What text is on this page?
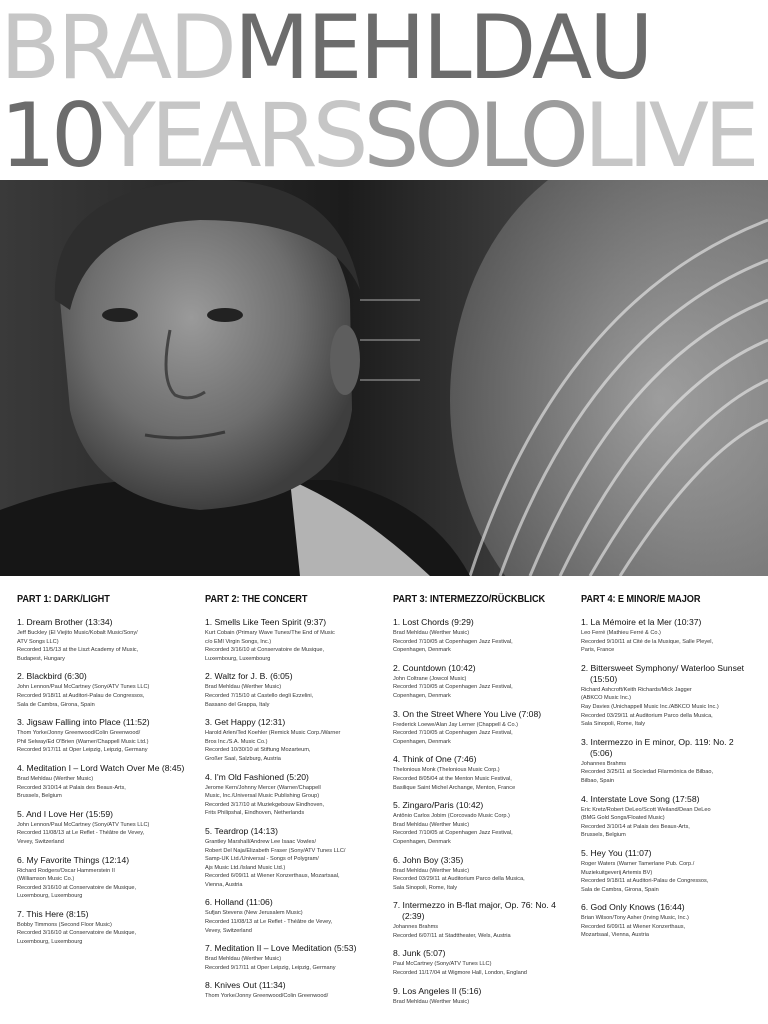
BRADMEHLDAU
10YEARSSOLOLIVE
PART 1: DARK/LIGHT
1. Dream Brother (13:34)
Jeff Buckley (El Viejito Music/Kobalt Music/Sony/
ATV Songs LLC)
Recorded 11/5/13 at the Liszt Academy of Music,
Budapest, Hungary
2. Blackbird (6:30)
John Lennon/Paul McCartney (Sony/ATV Tunes LLC)
Recorded 9/18/11 at Auditori-Palau de Congressos,
Sala de Cambra, Girona, Spain
3. Jigsaw Falling into Place (11:52)
Thom Yorke/Jonny Greenwood/Colin Greenwood/
Phil Selway/Ed O'Brien (Warner/Chappell Music Ltd.)
Recorded 9/17/11 at Oper Leipzig, Leipzig, Germany
4. Meditation I – Lord Watch Over Me (8:45)
Brad Mehldau (Werther Music)
Recorded 3/10/14 at Palais des Beaux-Arts,
Brussels, Belgium
5. And I Love Her (15:59)
John Lennon/Paul McCartney (Sony/ATV Tunes LLC)
Recorded 11/08/13 at Le Reflet - Théâtre de Vevey,
Vevey, Switzerland
6. My Favorite Things (12:14)
Richard Rodgers/Oscar Hammerstein II
(Williamson Music Co.)
Recorded 3/16/10 at Conservatoire de Musique,
Luxembourg, Luxembourg
7. This Here (8:15)
Bobby Timmons (Second Floor Music)
Recorded 3/16/10 at Conservatoire de Musique,
Luxembourg, Luxembourg
PART 2: THE CONCERT
1. Smells Like Teen Spirit (9:37)
Kurt Cobain (Primary Wave Tunes/The End of Music
c/o EMI Virgin Songs, Inc.)
Recorded 3/16/10 at Conservatoire de Musique,
Luxembourg, Luxembourg
2. Waltz for J. B. (6:05)
Brad Mehldau (Werther Music)
Recorded 7/15/10 at Castello degli Ezzelini,
Bassano del Grappa, Italy
3. Get Happy (12:31)
Harold Arlen/Ted Koehler (Remick Music Corp./Warner
Bros Inc./S.A. Music Co.)
Recorded 10/30/10 at Stiftung Mozarteum,
Großer Saal, Salzburg, Austria
4. I'm Old Fashioned (5:20)
Jerome Kern/Johnny Mercer (Warner/Chappell
Music, Inc./Universal Music Publishing Group)
Recorded 3/17/10 at Muziekgebouw Eindhoven,
Frits Philipshal, Eindhoven, Netherlands
5. Teardrop (14:13)
Grantley Marshall/Andrew Lee Isaac Vowles/
Robert Del Naja/Elizabeth Fraser (Sony/ATV Tunes LLC/
Samp-UK Ltd./Universal - Songs of Polygram/
Ajs Music Ltd./Island Music Ltd.)
Recorded 6/09/11 at Wiener Konzerthaus, Mozartsaal,
Vienna, Austria
6. Holland (11:06)
Sufjan Stevens (New Jerusalem Music)
Recorded 11/08/13 at Le Reflet - Théâtre de Vevey,
Vevey, Switzerland
7. Meditation II – Love Meditation (5:53)
Brad Mehldau (Werther Music)
Recorded 9/17/11 at Oper Leipzig, Leipzig, Germany
8. Knives Out (11:34)
Thom Yorke/Jonny Greenwood/Colin Greenwood/
PART 3: INTERMEZZO/RÜCKBLICK
1. Lost Chords (9:29)
Brad Mehldau (Werther Music)
Recorded 7/10/05 at Copenhagen Jazz Festival,
Copenhagen, Denmark
2. Countdown (10:42)
John Coltrane (Jowcol Music)
Recorded 7/10/05 at Copenhagen Jazz Festival,
Copenhagen, Denmark
3. On the Street Where You Live (7:08)
Frederick Loewe/Alan Jay Lerner (Chappell & Co.)
Recorded 7/10/05 at Copenhagen Jazz Festival,
Copenhagen, Denmark
4. Think of One (7:46)
Thelonious Monk (Thelonious Music Corp.)
Recorded 8/05/04 at the Menton Music Festival,
Basilique Saint Michel Archange, Menton, France
5. Zingaro/Paris (10:42)
Antônio Carlos Jobim (Corcovado Music Corp.)
Brad Mehldau (Werther Music)
Recorded 7/10/05 at Copenhagen Jazz Festival,
Copenhagen, Denmark
6. John Boy (3:35)
Brad Mehldau (Werther Music)
Recorded 03/29/11 at Auditorium Parco della Musica,
Sala Sinopoli, Rome, Italy
7. Intermezzo in B-flat major, Op. 76: No. 4 (2:39)
Johannes Brahms
Recorded 6/07/11 at Stadttheater, Wels, Austria
8. Junk (5:07)
Paul McCartney (Sony/ATV Tunes LLC)
Recorded 11/17/04 at Wigmore Hall, London, England
9. Los Angeles II (5:16)
Brad Mehldau (Werther Music)
PART 4: E MINOR/E MAJOR
1. La Mémoire et la Mer (10:37)
Leo Ferré (Mathieu Ferré & Co.)
Recorded 9/10/11 at Cité de la Musique, Salle Pleyel,
Paris, France
2. Bittersweet Symphony/ Waterloo Sunset (15:50)
Richard Ashcroft/Keith Richards/Mick Jagger
(ABKCO Music Inc.)
Ray Davies (Unichappell Music Inc./ABKCO Music Inc.)
Recorded 03/29/11 at Auditorium Parco della Musica,
Sala Sinopoli, Rome, Italy
3. Intermezzo in E minor, Op. 119: No. 2 (5:06)
Johannes Brahms
Recorded 3/25/11 at Sociedad Filarmónica de Bilbao,
Bilbao, Spain
4. Interstate Love Song (17:58)
Eric Kretz/Robert DeLeo/Scott Weiland/Dean DeLeo
(BMG Gold Songs/Floated Music)
Recorded 3/10/14 at Palais des Beaux-Arts,
Brussels, Belgium
5. Hey You (11:07)
Roger Waters (Warner Tamerlane Pub. Corp./
Muziekuitgeverij Artemis BV)
Recorded 9/18/11 at Auditori-Palau de Congressos,
Sala de Cambra, Girona, Spain
6. God Only Knows (16:44)
Brian Wilson/Tony Asher (Irving Music, Inc.)
Recorded 6/09/11 at Wiener Konzerthaus,
Mozartsaal, Vienna, Austria
